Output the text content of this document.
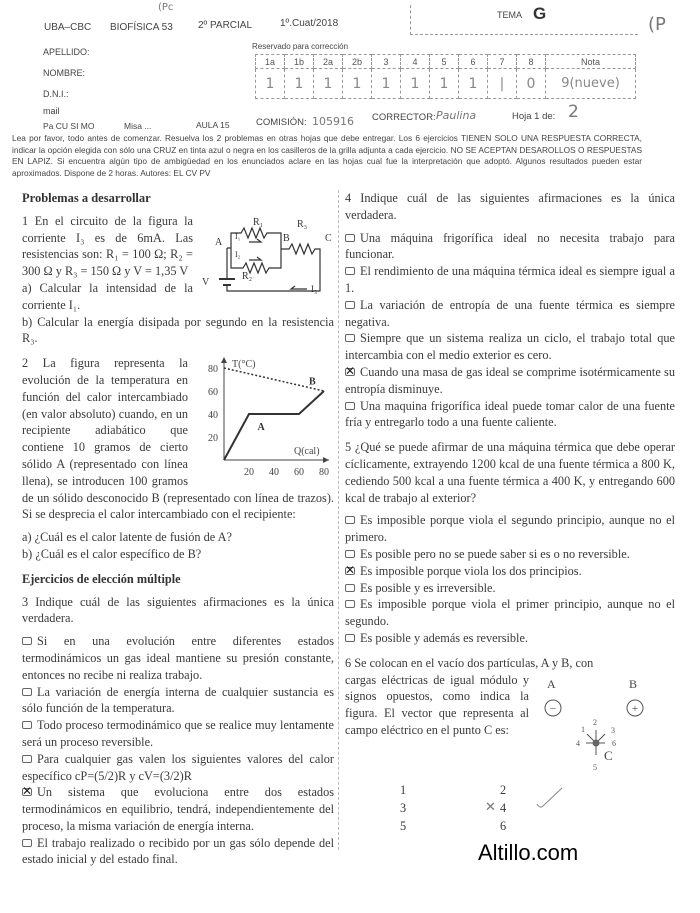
UBA–CBC BIOFÍSICA 53	2º PARCIAL	1º.Cuat/2018
(Pc
TEMA G
(P
APELLIDO:
NOMBRE:
D.N.I.:
mail
Reservado para corrección
1a	1b	2a	2b	3	4	5	6	7	8	Nota
1	1	1	1	1	1	1	1	|	0	9(nueve)
Pa CU SI MO	Misa ...	AULA 15	COMISIÓN: 105916 CORRECTOR: Paulina	Hoja 1 de: 2
Lea por favor, todo antes de comenzar. Resuelva los 2 problemas en otras hojas que debe entregar. Los 6 ejercicios TIENEN SOLO UNA RESPUESTA CORRECTA, indicar la opción elegida con sólo una CRUZ en tinta azul o negra en los casilleros de la grilla adjunta a cada ejercicio. NO SE ACEPTAN DESAROLLOS O RESPUESTAS EN LAPIZ. Si encuentra algún tipo de ambigüedad en los enunciados aclare en las hojas cual fue la interpretación que adoptó. Algunos resultados pueden estar aproximados. Dispone de 2 horas. Autores: EL CV PV
Problemas a desarrollar
R₁
R₂
R₃
V
I₁
I₂
I₃
A	B	C
1 En el circuito de la figura la corriente I₃ es de 6mA. Las resistencias son: R₁ = 100 Ω; R₂ = 300 Ω y R₃ = 150 Ω y V = 1,35 V
a) Calcular la intensidad de la corriente I₁.
b) Calcular la energía disipada por segundo en la resistencia R₃.
20 40 60 80
20
40
60
80 T(°C)
Q(cal)
A
B
2 La figura representa la evolución de la temperatura en función del calor intercambiado (en valor absoluto) cuando, en un recipiente adiabático que contiene 10 gramos de cierto sólido A (representado con línea llena), se introducen 100 gramos de un sólido desconocido B (representado con línea de trazos). Si se desprecia el calor intercambiado con el recipiente:
a) ¿Cuál es el calor latente de fusión de A?
b) ¿Cuál es el calor específico de B?
Ejercicios de elección múltiple
3 Indique cuál de las siguientes afirmaciones es la única verdadera.
Si en una evolución entre diferentes estados termodinámicos un gas ideal mantiene su presión constante, entonces no recibe ni realiza trabajo.
La variación de energía interna de cualquier sustancia es sólo función de la temperatura.
Todo proceso termodinámico que se realice muy lentamente será un proceso reversible.
Para cualquier gas valen los siguientes valores del calor específico cP=(5/2)R y cV=(3/2)R
✕Un sistema que evoluciona entre dos estados termodinámicos en equilibrio, tendrá, independientemente del proceso, la misma variación de energía interna.
El trabajo realizado o recibido por un gas sólo depende del estado inicial y del estado final.
4 Indique cuál de las siguientes afirmaciones es la única verdadera.
Una máquina frigorífica ideal no necesita trabajo para funcionar.
El rendimiento de una máquina térmica ideal es siempre igual a 1.
La variación de entropía de una fuente térmica es siempre negativa.
Siempre que un sistema realiza un ciclo, el trabajo total que intercambia con el medio exterior es cero.
✕Cuando una masa de gas ideal se comprime isotérmicamente su entropía disminuye.
Una maquina frigorífica ideal puede tomar calor de una fuente fría y entregarlo todo a una fuente caliente.
5 ¿Qué se puede afirmar de una máquina térmica que debe operar cíclicamente, extrayendo 1200 kcal de una fuente térmica a 800 K, cediendo 500 kcal a una fuente térmica a 400 K, y entregando 600 kcal de trabajo al exterior?
Es imposible porque viola el segundo principio, aunque no el primero.
Es posible pero no se puede saber si es o no reversible.
✕Es imposible porque viola los dos principios.
Es posible y es irreversible.
Es imposible porque viola el primer principio, aunque no el segundo.
Es posible y además es reversible.
6 Se colocan en el vacío dos partículas, A y B, con
A	B
−	+
C
1
2
3
4
5
6
cargas eléctricas de igual módulo y signos opuestos, como indica la figura. El vector que representa al campo eléctrico en el punto C es:
1
3
5
2
4
6
✕
Altillo.com
